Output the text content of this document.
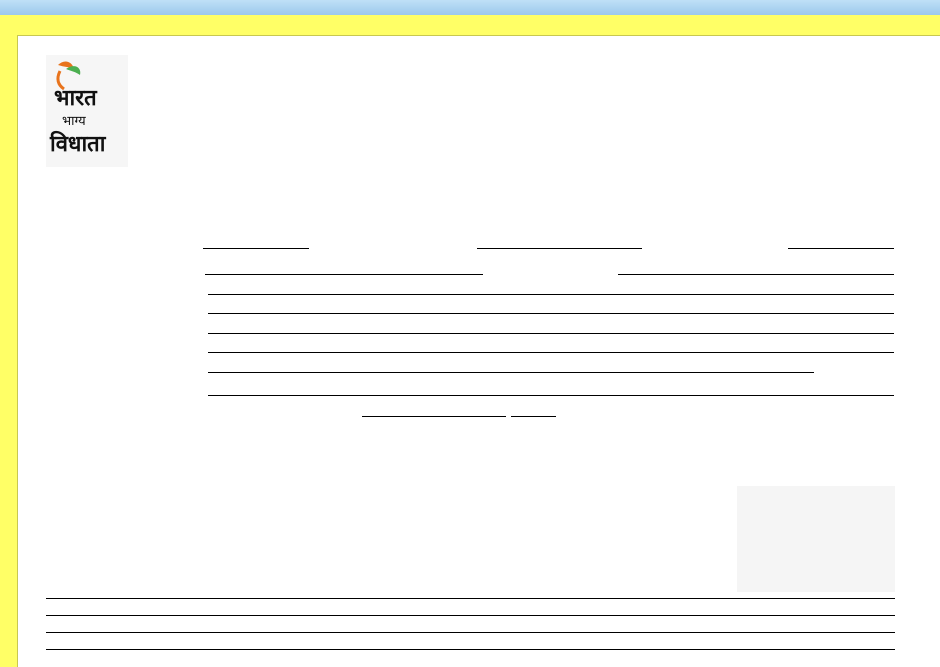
भारत
भाग्य
विधाता
